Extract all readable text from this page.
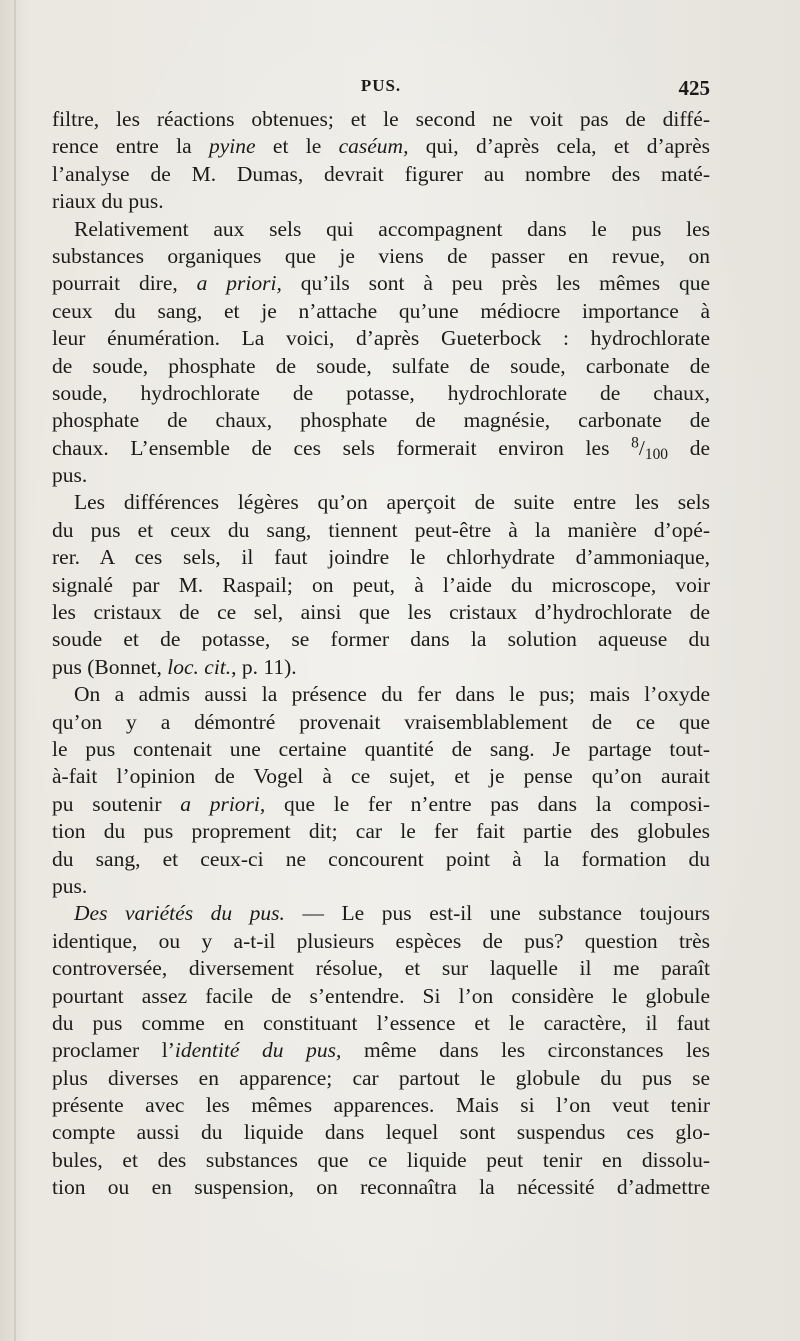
PUS.	425
filtre, les réactions obtenues; et le second ne voit pas de diffé-
rence entre la pyine et le caséum, qui, d’après cela, et d’après
l’analyse de M. Dumas, devrait figurer au nombre des maté-
riaux du pus.
Relativement aux sels qui accompagnent dans le pus les
substances organiques que je viens de passer en revue, on
pourrait dire, a priori, qu’ils sont à peu près les mêmes que
ceux du sang, et je n’attache qu’une médiocre importance à
leur énumération. La voici, d’après Gueterbock : hydrochlorate
de soude, phosphate de soude, sulfate de soude, carbonate de
soude, hydrochlorate de potasse, hydrochlorate de chaux,
phosphate de chaux, phosphate de magnésie, carbonate de
chaux. L’ensemble de ces sels formerait environ les $^8/_{100}$ de
pus.
Les différences légères qu’on aperçoit de suite entre les sels
du pus et ceux du sang, tiennent peut-être à la manière d’opé-
rer. A ces sels, il faut joindre le chlorhydrate d’ammoniaque,
signalé par M. Raspail; on peut, à l’aide du microscope, voir
les cristaux de ce sel, ainsi que les cristaux d’hydrochlorate de
soude et de potasse, se former dans la solution aqueuse du
pus (Bonnet, loc. cit., p. 11).
On a admis aussi la présence du fer dans le pus; mais l’oxyde
qu’on y a démontré provenait vraisemblablement de ce que
le pus contenait une certaine quantité de sang. Je partage tout-
à-fait l’opinion de Vogel à ce sujet, et je pense qu’on aurait
pu soutenir a priori, que le fer n’entre pas dans la composi-
tion du pus proprement dit; car le fer fait partie des globules
du sang, et ceux-ci ne concourent point à la formation du
pus.
Des variétés du pus. — Le pus est-il une substance toujours
identique, ou y a-t-il plusieurs espèces de pus? question très
controversée, diversement résolue, et sur laquelle il me paraît
pourtant assez facile de s’entendre. Si l’on considère le globule
du pus comme en constituant l’essence et le caractère, il faut
proclamer l’identité du pus, même dans les circonstances les
plus diverses en apparence; car partout le globule du pus se
présente avec les mêmes apparences. Mais si l’on veut tenir
compte aussi du liquide dans lequel sont suspendus ces glo-
bules, et des substances que ce liquide peut tenir en dissolu-
tion ou en suspension, on reconnaîtra la nécessité d’admettre
